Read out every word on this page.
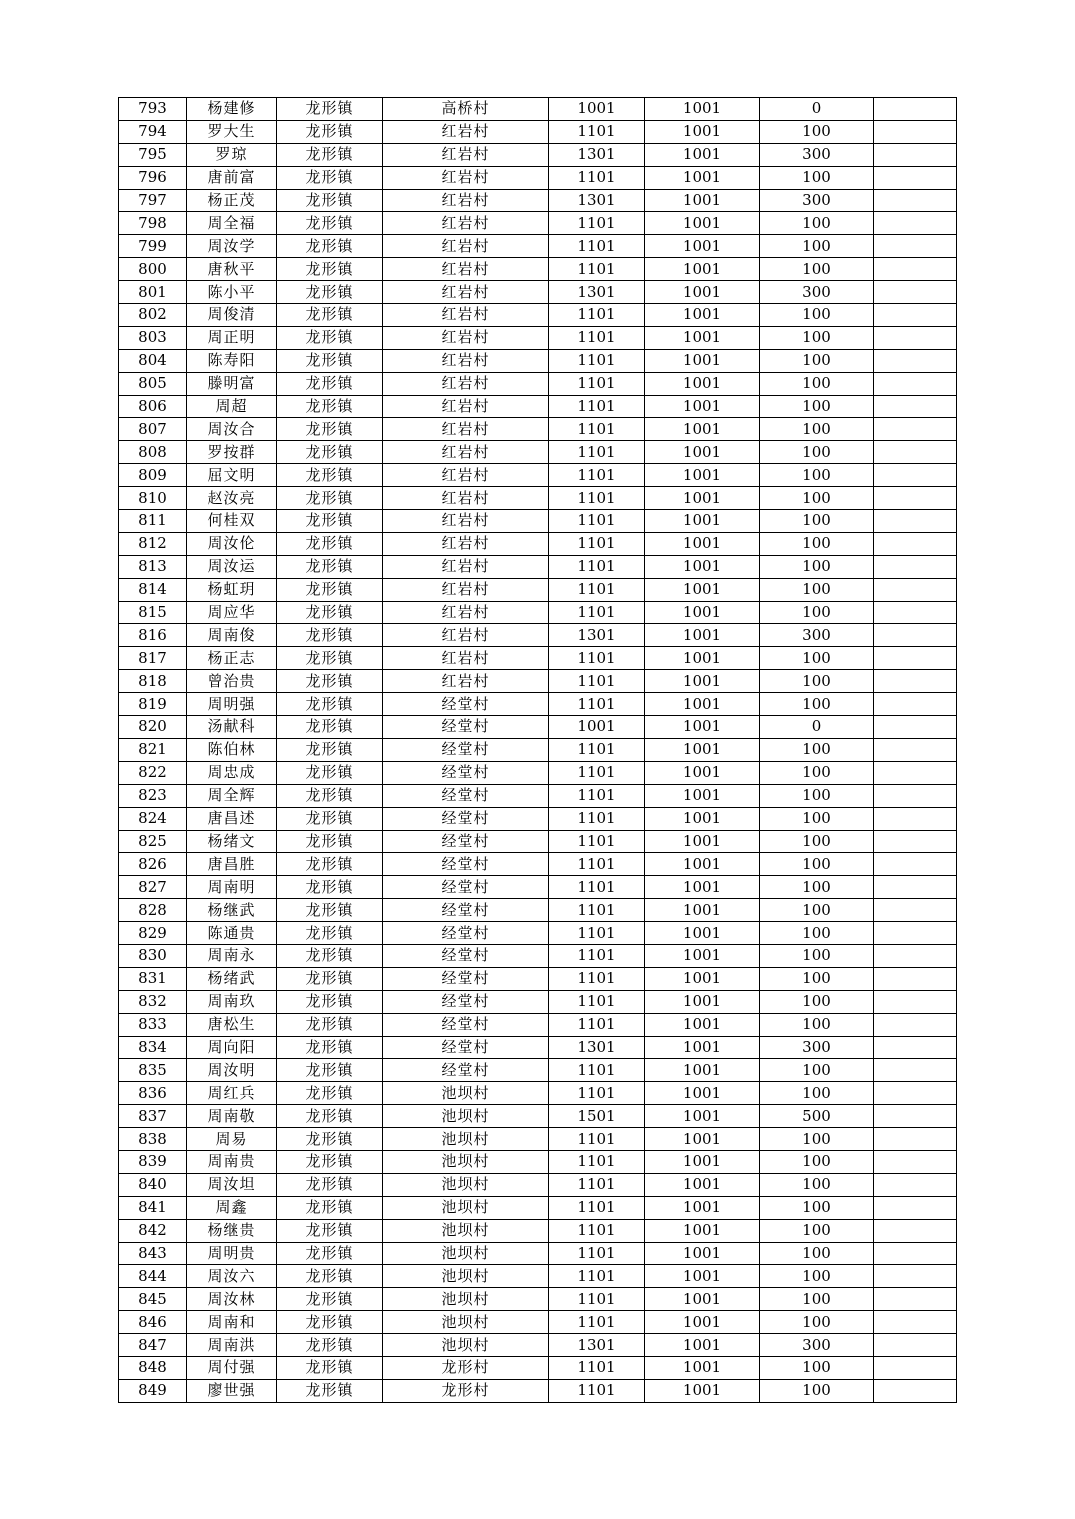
793	杨建修	龙形镇	高桥村	1001	1001	0	
794	罗大生	龙形镇	红岩村	1101	1001	100	
795	罗琼	龙形镇	红岩村	1301	1001	300	
796	唐前富	龙形镇	红岩村	1101	1001	100	
797	杨正茂	龙形镇	红岩村	1301	1001	300	
798	周全福	龙形镇	红岩村	1101	1001	100	
799	周汝学	龙形镇	红岩村	1101	1001	100	
800	唐秋平	龙形镇	红岩村	1101	1001	100	
801	陈小平	龙形镇	红岩村	1301	1001	300	
802	周俊清	龙形镇	红岩村	1101	1001	100	
803	周正明	龙形镇	红岩村	1101	1001	100	
804	陈寿阳	龙形镇	红岩村	1101	1001	100	
805	滕明富	龙形镇	红岩村	1101	1001	100	
806	周超	龙形镇	红岩村	1101	1001	100	
807	周汝合	龙形镇	红岩村	1101	1001	100	
808	罗按群	龙形镇	红岩村	1101	1001	100	
809	屈文明	龙形镇	红岩村	1101	1001	100	
810	赵汝亮	龙形镇	红岩村	1101	1001	100	
811	何桂双	龙形镇	红岩村	1101	1001	100	
812	周汝伦	龙形镇	红岩村	1101	1001	100	
813	周汝运	龙形镇	红岩村	1101	1001	100	
814	杨虹玥	龙形镇	红岩村	1101	1001	100	
815	周应华	龙形镇	红岩村	1101	1001	100	
816	周南俊	龙形镇	红岩村	1301	1001	300	
817	杨正志	龙形镇	红岩村	1101	1001	100	
818	曾治贵	龙形镇	红岩村	1101	1001	100	
819	周明强	龙形镇	经堂村	1101	1001	100	
820	汤献科	龙形镇	经堂村	1001	1001	0	
821	陈伯林	龙形镇	经堂村	1101	1001	100	
822	周忠成	龙形镇	经堂村	1101	1001	100	
823	周全辉	龙形镇	经堂村	1101	1001	100	
824	唐昌述	龙形镇	经堂村	1101	1001	100	
825	杨绪文	龙形镇	经堂村	1101	1001	100	
826	唐昌胜	龙形镇	经堂村	1101	1001	100	
827	周南明	龙形镇	经堂村	1101	1001	100	
828	杨继武	龙形镇	经堂村	1101	1001	100	
829	陈通贵	龙形镇	经堂村	1101	1001	100	
830	周南永	龙形镇	经堂村	1101	1001	100	
831	杨绪武	龙形镇	经堂村	1101	1001	100	
832	周南玖	龙形镇	经堂村	1101	1001	100	
833	唐松生	龙形镇	经堂村	1101	1001	100	
834	周向阳	龙形镇	经堂村	1301	1001	300	
835	周汝明	龙形镇	经堂村	1101	1001	100	
836	周红兵	龙形镇	池坝村	1101	1001	100	
837	周南敬	龙形镇	池坝村	1501	1001	500	
838	周易	龙形镇	池坝村	1101	1001	100	
839	周南贵	龙形镇	池坝村	1101	1001	100	
840	周汝坦	龙形镇	池坝村	1101	1001	100	
841	周鑫	龙形镇	池坝村	1101	1001	100	
842	杨继贵	龙形镇	池坝村	1101	1001	100	
843	周明贵	龙形镇	池坝村	1101	1001	100	
844	周汝六	龙形镇	池坝村	1101	1001	100	
845	周汝林	龙形镇	池坝村	1101	1001	100	
846	周南和	龙形镇	池坝村	1101	1001	100	
847	周南洪	龙形镇	池坝村	1301	1001	300	
848	周付强	龙形镇	龙形村	1101	1001	100	
849	廖世强	龙形镇	龙形村	1101	1001	100	
